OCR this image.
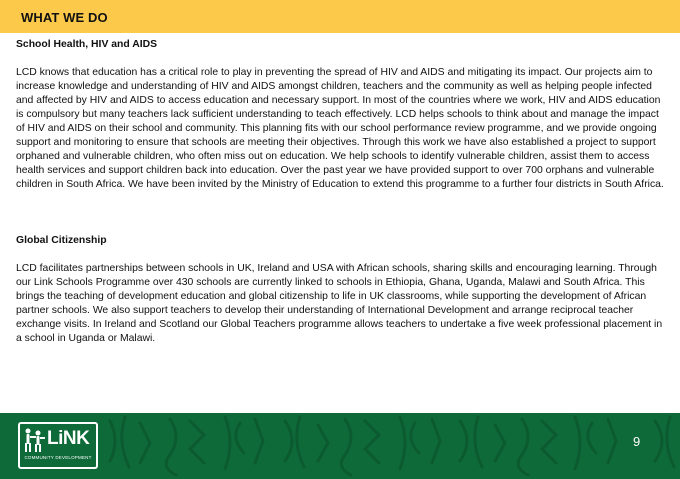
WHAT WE DO

School Health, HIV and AIDS

LCD knows that education has a critical role to play in preventing the spread of HIV and AIDS and mitigating its impact. Our projects aim to increase knowledge and understanding of HIV and AIDS amongst children, teachers and the community as well as helping people infected and affected by HIV and AIDS to access education and necessary support. In most of the countries where we work, HIV and AIDS education is compulsory but many teachers lack sufficient understanding to teach effectively. LCD helps schools to think about and manage the impact of HIV and AIDS on their school and community. This planning fits with our school performance review programme, and we provide ongoing support and monitoring to ensure that schools are meeting their objectives. Through this work we have also established a project to support orphaned and vulnerable children, who often miss out on education. We help schools to identify vulnerable children, assist them to access health services and support children back into education. Over the past year we have provided support to over 700 orphans and vulnerable children in South Africa. We have been invited by the Ministry of Education to extend this programme to a further four districts in South Africa.

Global Citizenship

LCD facilitates partnerships between schools in UK, Ireland and USA with African schools, sharing skills and encouraging learning. Through our Link Schools Programme over 430 schools are currently linked to schools in Ethiopia, Ghana, Uganda, Malawi and South Africa. This brings the teaching of development education and global citizenship to life in UK classrooms, while supporting the development of African partner schools. We also support teachers to develop their understanding of International Development and arrange reciprocal teacher exchange visits. In Ireland and Scotland our Global Teachers programme allows teachers to undertake a five week professional placement in a school in Uganda or Malawi.

LiNK
COMMUNITY DEVELOPMENT
9
